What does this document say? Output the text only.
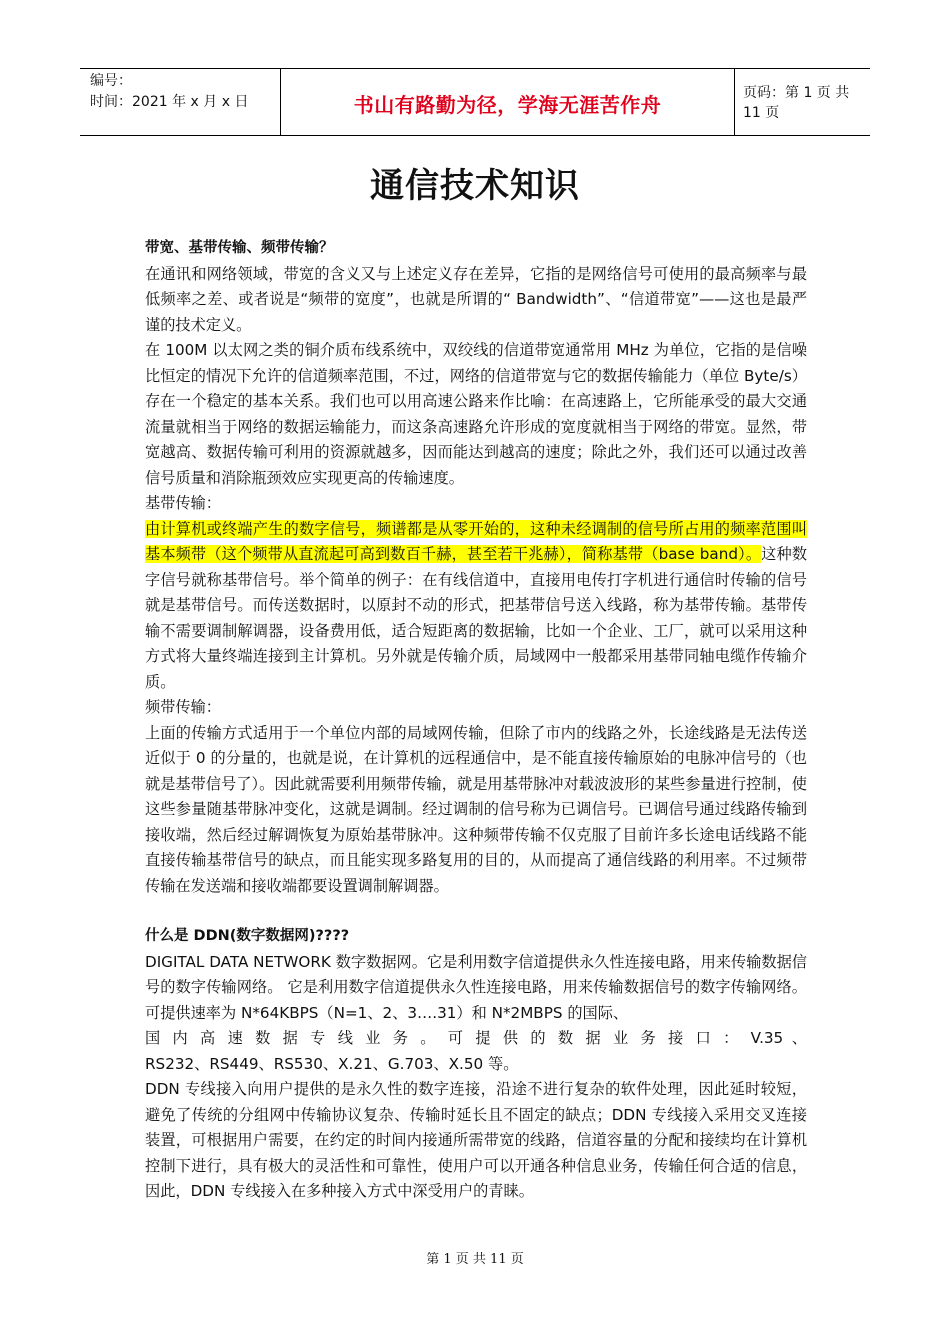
编号：
时间：2021 年 x 月 x 日	书山有路勤为径，学海无涯苦作舟	页码：第 1 页 共 11 页
通信技术知识

带宽、基带传输、频带传输？

在通讯和网络领域，带宽的含义又与上述定义存在差异，它指的是网络信号可使用的最高频率与最低频率之差、或者说是“频带的宽度”，也就是所谓的“ Bandwidth”、“信道带宽”——这也是最严谨的技术定义。

在 100M 以太网之类的铜介质布线系统中，双绞线的信道带宽通常用 MHz 为单位，它指的是信噪比恒定的情况下允许的信道频率范围，不过，网络的信道带宽与它的数据传输能力（单位 Byte/s）存在一个稳定的基本关系。我们也可以用高速公路来作比喻：在高速路上，它所能承受的最大交通流量就相当于网络的数据运输能力，而这条高速路允许形成的宽度就相当于网络的带宽。显然，带宽越高、数据传输可利用的资源就越多，因而能达到越高的速度；除此之外，我们还可以通过改善信号质量和消除瓶颈效应实现更高的传输速度。

基带传输：

由计算机或终端产生的数字信号，频谱都是从零开始的，这种未经调制的信号所占用的频率范围叫基本频带（这个频带从直流起可高到数百千赫，甚至若干兆赫），简称基带（base band）。这种数字信号就称基带信号。举个简单的例子：在有线信道中，直接用电传打字机进行通信时传输的信号就是基带信号。而传送数据时，以原封不动的形式，把基带信号送入线路，称为基带传输。基带传输不需要调制解调器，设备费用低，适合短距离的数据输，比如一个企业、工厂，就可以采用这种方式将大量终端连接到主计算机。另外就是传输介质，局域网中一般都采用基带同轴电缆作传输介质。

频带传输：

上面的传输方式适用于一个单位内部的局域网传输，但除了市内的线路之外，长途线路是无法传送近似于 0 的分量的，也就是说，在计算机的远程通信中，是不能直接传输原始的电脉冲信号的（也就是基带信号了）。因此就需要利用频带传输，就是用基带脉冲对载波波形的某些参量进行控制，使这些参量随基带脉冲变化，这就是调制。经过调制的信号称为已调信号。已调信号通过线路传输到接收端，然后经过解调恢复为原始基带脉冲。这种频带传输不仅克服了目前许多长途电话线路不能直接传输基带信号的缺点，而且能实现多路复用的目的，从而提高了通信线路的利用率。不过频带传输在发送端和接收端都要设置调制解调器。

什么是 DDN(数字数据网)????

DIGITAL DATA NETWORK 数字数据网。它是利用数字信道提供永久性连接电路，用来传输数据信号的数字传输网络。 它是利用数字信道提供永久性连接电路，用来传输数据信号的数字传输网络。 可提供速率为 N*64KBPS（N=1、2、3….31）和 N*2MBPS 的国际、

国 内 高 速 数 据 专 线 业 务 。 可 提 供 的 数 据 业 务 接 口 ： V.35 、

RS232、RS449、RS530、X.21、G.703、X.50 等。

DDN 专线接入向用户提供的是永久性的数字连接，沿途不进行复杂的软件处理，因此延时较短，避免了传统的分组网中传输协议复杂、传输时延长且不固定的缺点；DDN 专线接入采用交叉连接装置，可根据用户需要，在约定的时间内接通所需带宽的线路，信道容量的分配和接续均在计算机控制下进行，具有极大的灵活性和可靠性，使用户可以开通各种信息业务，传输任何合适的信息，因此，DDN 专线接入在多种接入方式中深受用户的青睐。

第 1 页 共 11 页
